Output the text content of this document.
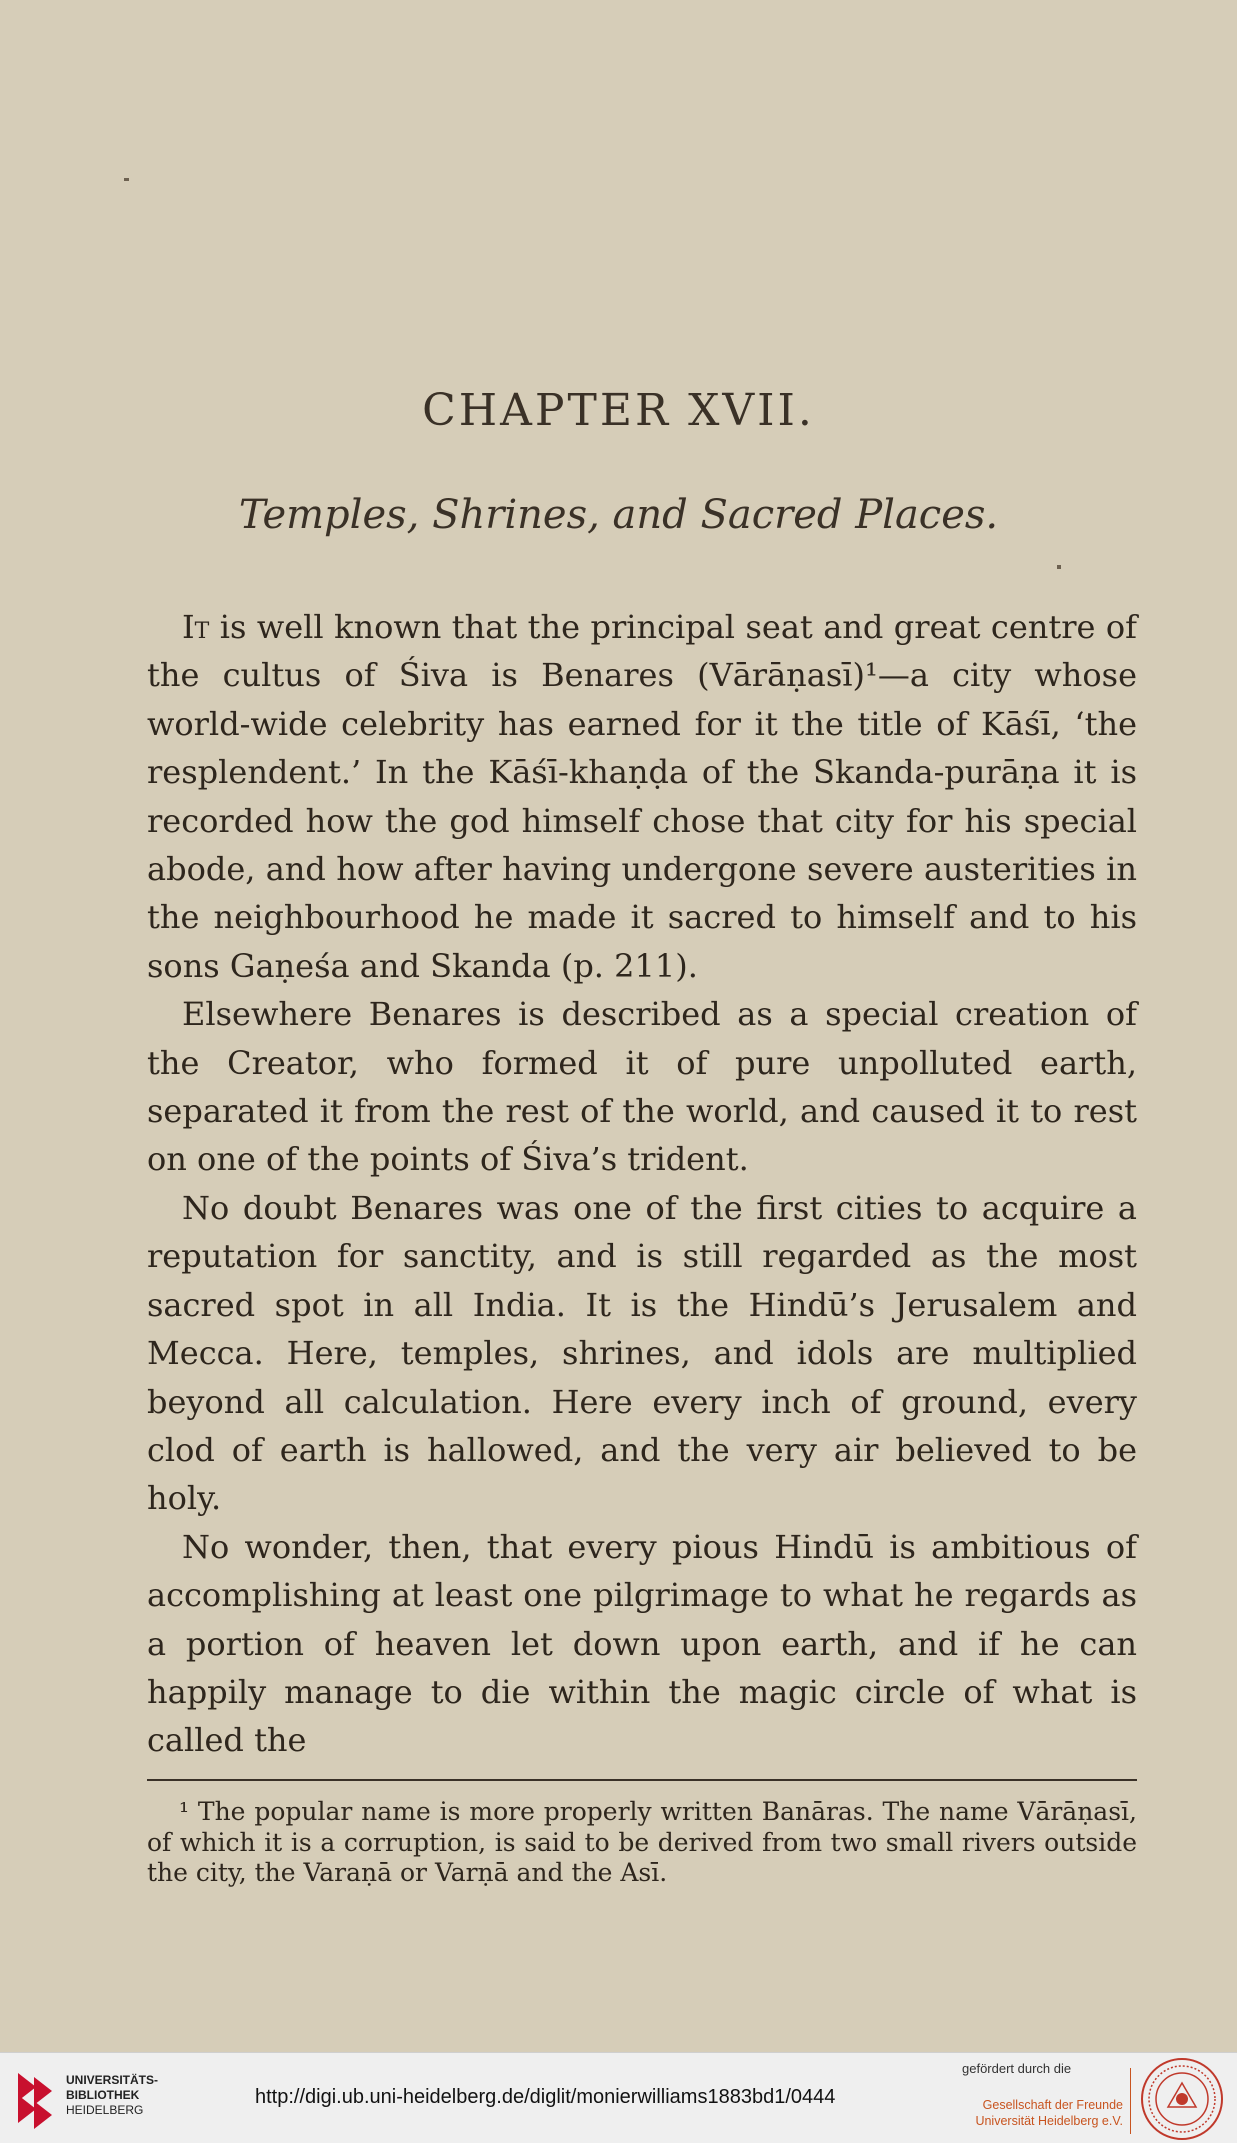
CHAPTER XVII.
Temples, Shrines, and Sacred Places.

It is well known that the principal seat and great centre of the cultus of Śiva is Benares (Vārāṇasī)¹—a city whose world-wide celebrity has earned for it the title of Kāśī, ‘the resplendent.’ In the Kāśī-khaṇḍa of the Skanda-purāṇa it is recorded how the god himself chose that city for his special abode, and how after having undergone severe austerities in the neighbourhood he made it sacred to himself and to his sons Gaṇeśa and Skanda (p. 211).

Elsewhere Benares is described as a special creation of the Creator, who formed it of pure unpolluted earth, separated it from the rest of the world, and caused it to rest on one of the points of Śiva’s trident.

No doubt Benares was one of the first cities to acquire a reputation for sanctity, and is still regarded as the most sacred spot in all India. It is the Hindū’s Jerusalem and Mecca. Here, temples, shrines, and idols are multiplied beyond all calculation. Here every inch of ground, every clod of earth is hallowed, and the very air believed to be holy.

No wonder, then, that every pious Hindū is ambitious of accomplishing at least one pilgrimage to what he regards as a portion of heaven let down upon earth, and if he can happily manage to die within the magic circle of what is called the

¹ The popular name is more properly written Banāras. The name Vārāṇasī, of which it is a corruption, is said to be derived from two small rivers outside the city, the Varaṇā or Varṇā and the Asī.

UNIVERSITÄTS-
BIBLIOTHEK
HEIDELBERG
http://digi.ub.uni-heidelberg.de/diglit/monierwilliams1883bd1/0444
gefördert durch die
Gesellschaft der Freunde
Universität Heidelberg e.V.
